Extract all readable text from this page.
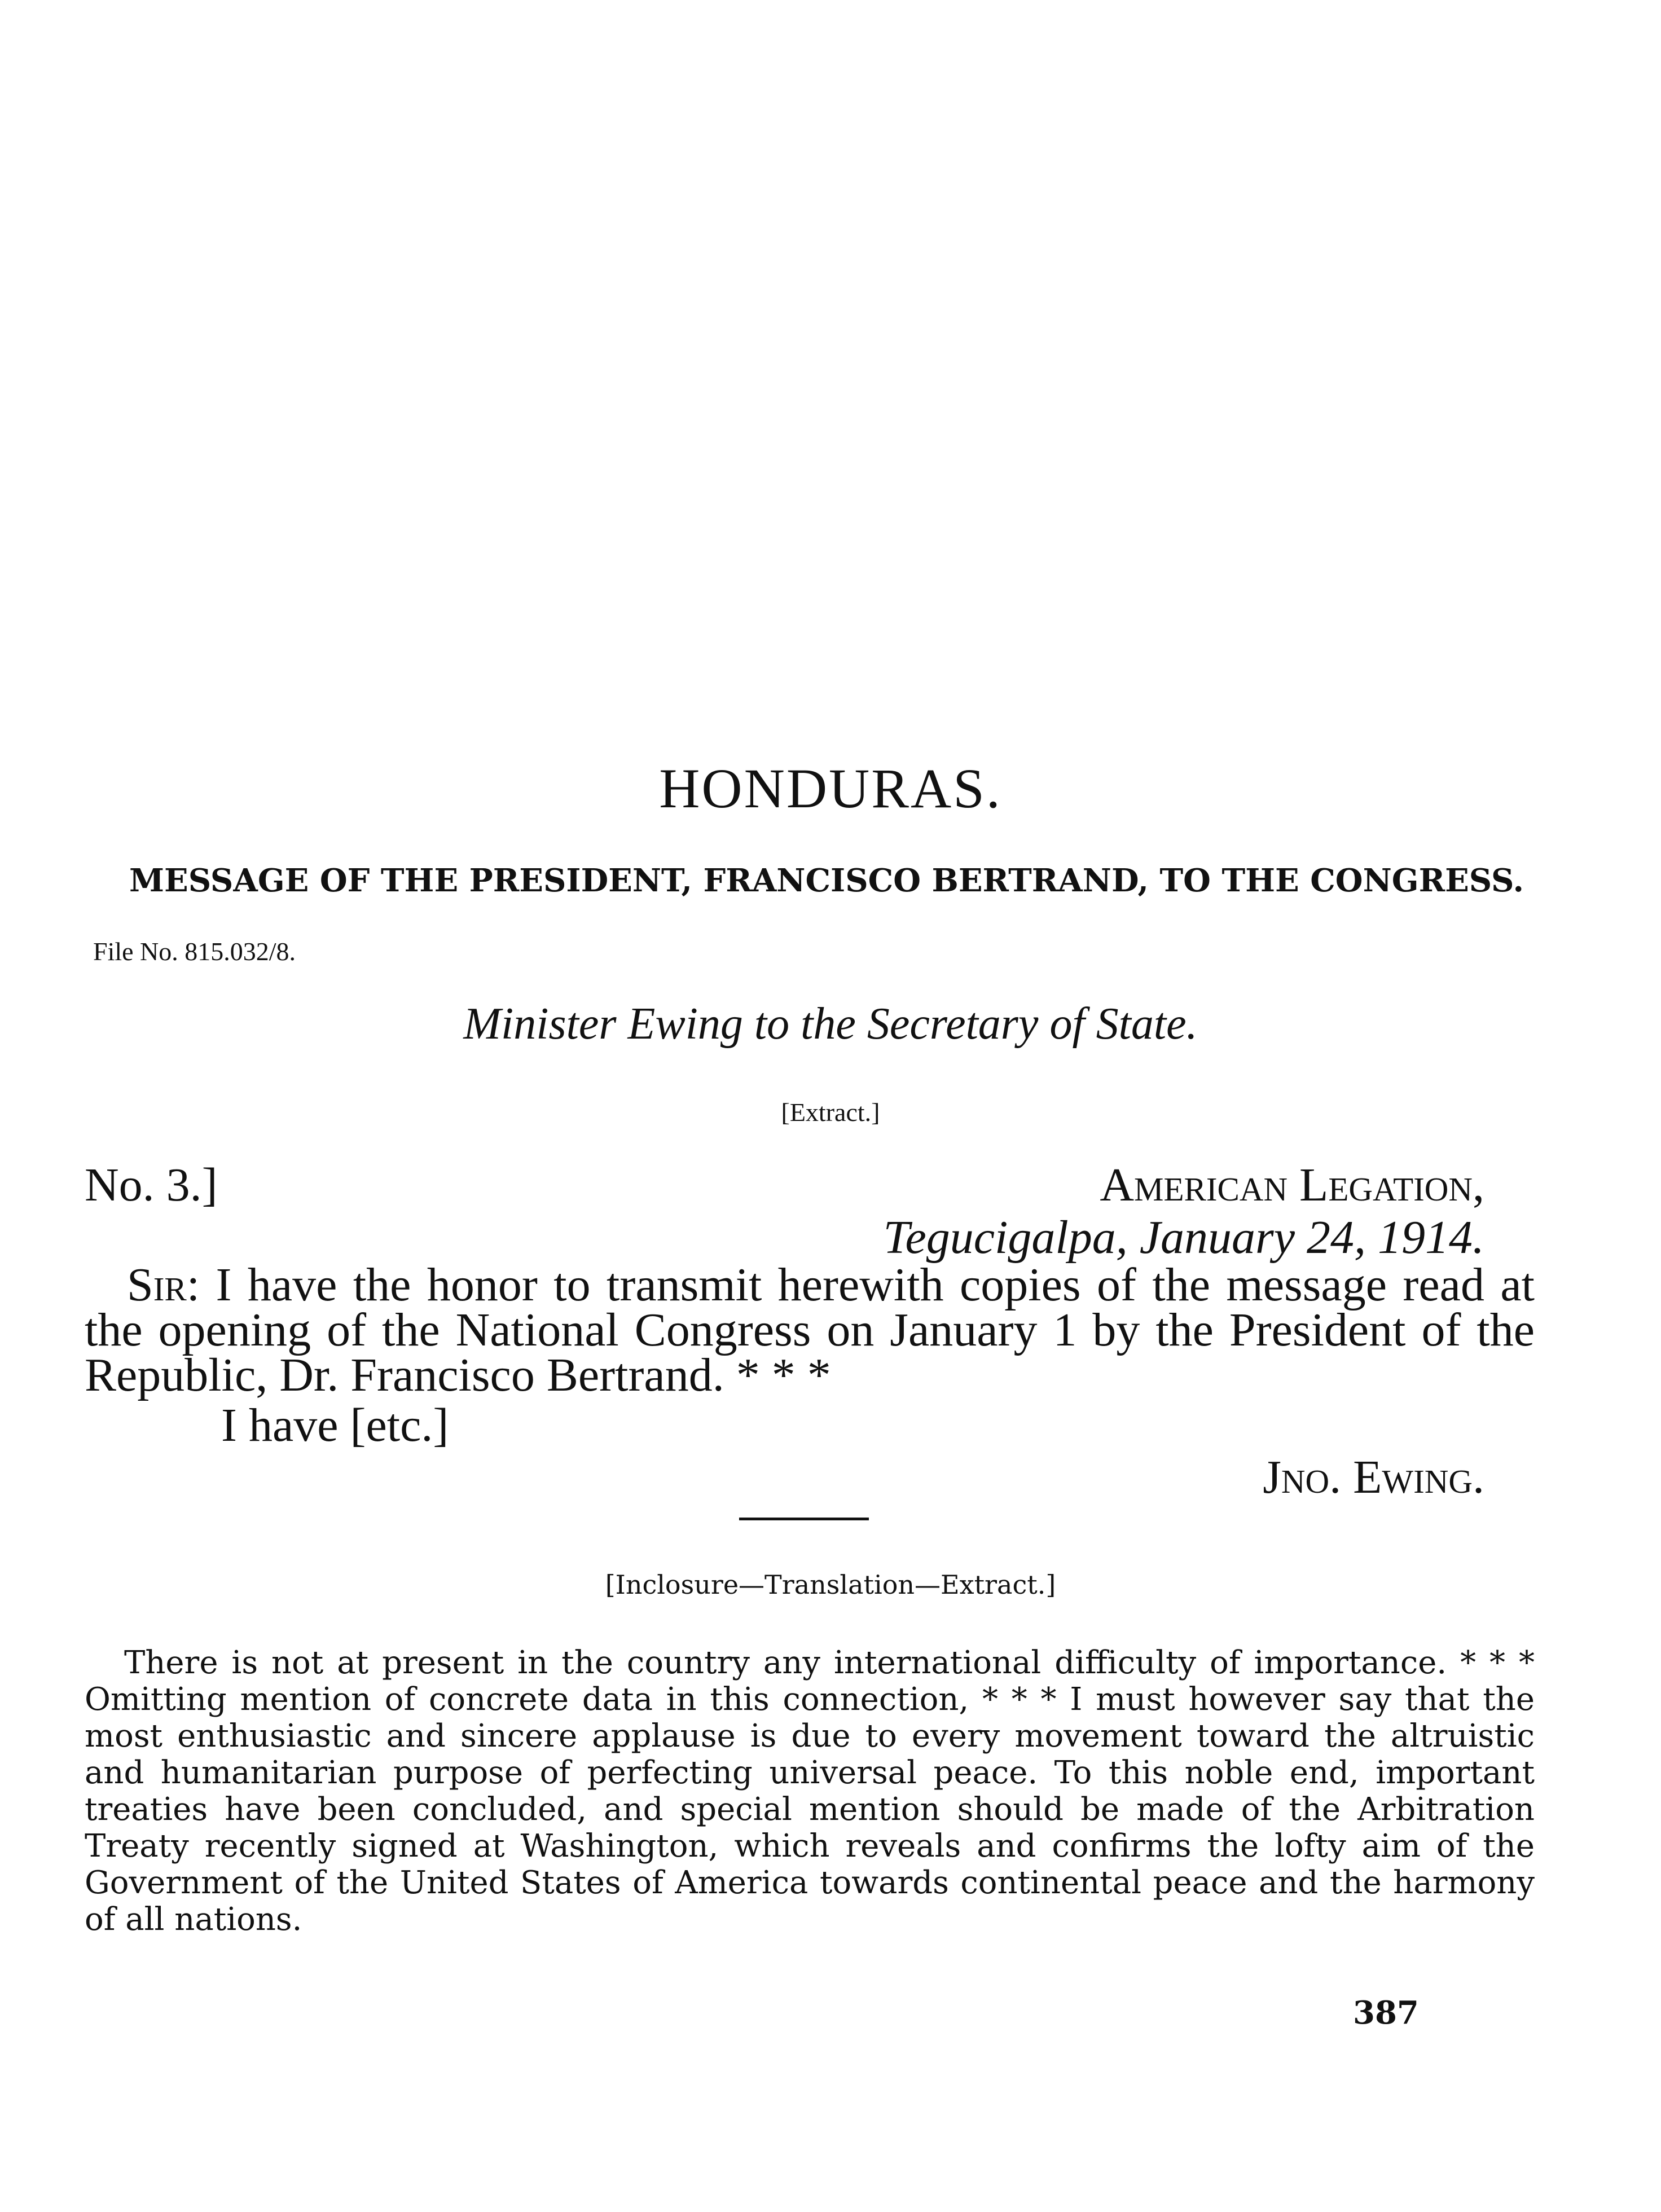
HONDURAS.
MESSAGE OF THE PRESIDENT, FRANCISCO BERTRAND, TO THE CONGRESS.
File No. 815.032/8.
Minister Ewing to the Secretary of State.
[Extract.]
No. 3.]	American Legation,
Tegucigalpa, January 24, 1914.
Sir: I have the honor to transmit herewith copies of the message read at the opening of the National Congress on January 1 by the President of the Republic, Dr. Francisco Bertrand. * * *
I have [etc.]
Jno. Ewing.
[Inclosure—Translation—Extract.]
There is not at present in the country any international difficulty of importance. * * * Omitting mention of concrete data in this connection, * * * I must however say that the most enthusiastic and sincere applause is due to every movement toward the altruistic and humanitarian purpose of perfecting universal peace. To this noble end, important treaties have been concluded, and special mention should be made of the Arbitration Treaty recently signed at Washington, which reveals and confirms the lofty aim of the Government of the United States of America towards continental peace and the harmony of all nations.
387
